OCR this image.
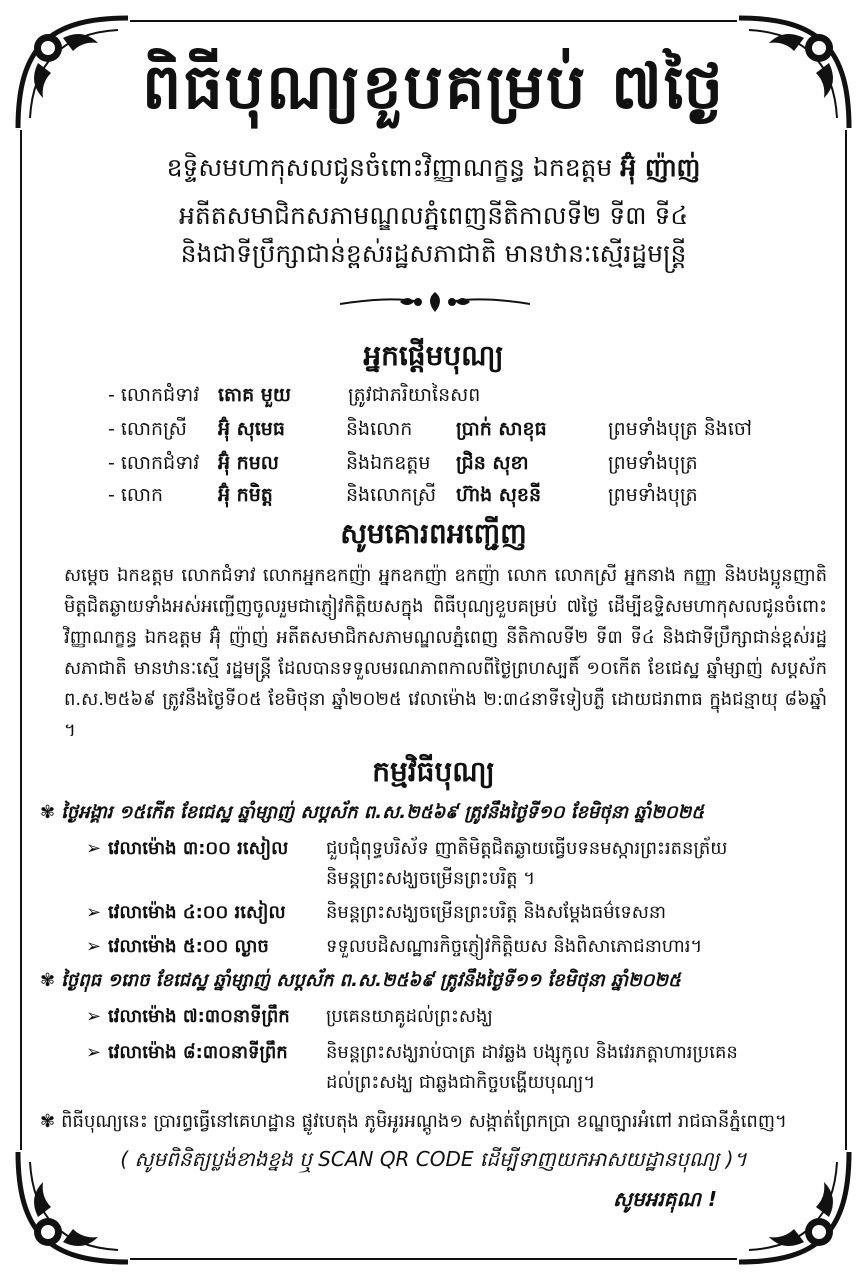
ពិធីបុណ្យខួបគម្រប់ ៧ថ្ងៃ
ឧទ្ទិសមហាកុសលជូនចំពោះវិញ្ញាណក្ខន្ធ ឯកឧត្តម អ៊ុំ ញ៉ាញ់
អតីតសមាជិកសភាមណ្ឌលភ្នំពេញនីតិកាលទី២ ទី៣ ទី៤
និងជាទីប្រឹក្សាជាន់ខ្ពស់រដ្ឋសភាជាតិ មានឋានៈស្មើរដ្ឋមន្ត្រី
អ្នកផ្ដើមបុណ្យ
- លោកជំទាវ តោគ មួយ	ត្រូវជាភរិយានៃសព
- លោកស្រី អ៊ុំ សុមេធ	និងលោក ប្រាក់ សាខុធ	ព្រមទាំងបុត្រ និងចៅ
- លោកជំទាវ អ៊ុំ កមល	និងឯកឧត្តម ជ្រិន សុខា	ព្រមទាំងបុត្រ
- លោក	អ៊ុំ កមិត្ត	និងលោកស្រី ហ៊ាង សុខនី	ព្រមទាំងបុត្រ
សូមគោរពអញ្ជើញ

សម្ដេច ឯកឧត្តម លោកជំទាវ លោកអ្នកឧកញ៉ា អ្នកឧកញ៉ា ឧកញ៉ា លោក លោកស្រី អ្នកនាង កញ្ញា និងបងប្អូនញាតិមិត្តជិតឆ្ងាយទាំងអស់អញ្ជើញចូលរួមជាភ្ញៀវកិត្តិយសក្នុង ពិធីបុណ្យខួបគម្រប់ ៧ថ្ងៃ ដើម្បីឧទ្ទិសមហាកុសលជូនចំពោះវិញ្ញាណក្ខន្ធ ឯកឧត្តម អ៊ុំ ញ៉ាញ់ អតីតសមាជិកសភាមណ្ឌលភ្នំពេញ នីតិកាលទី២ ទី៣ ទី៤ និងជាទីប្រឹក្សាជាន់ខ្ពស់រដ្ឋសភាជាតិ មានឋានៈស្មើ រដ្ឋមន្ត្រី ដែលបានទទួលមរណភាពកាលពីថ្ងៃព្រហស្បតិ៍ ១០កើត ខែជេស្ឋ ឆ្នាំម្សាញ់ សប្តស័ក ព.ស.២៥៦៩ ត្រូវនឹងថ្ងៃទី០៥ ខែមិថុនា ឆ្នាំ២០២៥ វេលាម៉ោង ២:៣៤នាទីទៀបភ្លឺ ដោយជរាពាធ ក្នុងជន្មាយុ ៨៦ឆ្នាំ ។

កម្មវិធីបុណ្យ
✾ ថ្ងៃអង្គារ ១៥កើត ខែជេស្ឋ ឆ្នាំម្សាញ់ សប្តស័ក ព.ស.២៥៦៩ ត្រូវនឹងថ្ងៃទី១០ ខែមិថុនា ឆ្នាំ២០២៥
➢ វេលាម៉ោង ៣:០០ រសៀល ជួបជុំពុទ្ធបរិស័ទ ញាតិមិត្តជិតឆ្ងាយធ្វើបទនមស្ការព្រះរតនត្រ័យ
និមន្តព្រះសង្ឃចម្រើនព្រះបរិត្ត ។
➢ វេលាម៉ោង ៤:០០ រសៀល និមន្តព្រះសង្ឃចម្រើនព្រះបរិត្ត និងសម្ដែងធម៌ទេសនា
➢ វេលាម៉ោង ៥:០០ ល្ងាច	ទទួលបដិសណ្ឋារកិច្ចភ្ញៀវកិត្តិយស និងពិសាភោជនាហារ។
✾ ថ្ងៃពុធ ១រោច ខែជេស្ឋ ឆ្នាំម្សាញ់ សប្តស័ក ព.ស.២៥៦៩ ត្រូវនឹងថ្ងៃទី១១ ខែមិថុនា ឆ្នាំ២០២៥
➢ វេលាម៉ោង ៧:៣០នាទីព្រឹក ប្រគេនយាគូដល់ព្រះសង្ឃ
➢ វេលាម៉ោង ៨:៣០នាទីព្រឹក និមន្តព្រះសង្ឃរាប់បាត្រ ដាវឆ្លង បង្សុកូល និងវេរភត្តាហារប្រគេន
ដល់ព្រះសង្ឃ ជាឆ្លងជាកិច្ចបង្ហើយបុណ្យ។
✾ ពិធីបុណ្យនេះ ប្រារព្ធធ្វើនៅគេហដ្ឋាន ផ្លូវបេតុង ភូមិអូរអណ្ដូង១ សង្កាត់ព្រែកប្រា ខណ្ឌច្បារអំពៅ រាជធានីភ្នំពេញ។
( សូមពិនិត្យប្លង់ខាងខ្នង ឬ SCAN QR CODE ដើម្បីទាញយកអាសយដ្ឋានបុណ្យ )។
សូមអរគុណ !
